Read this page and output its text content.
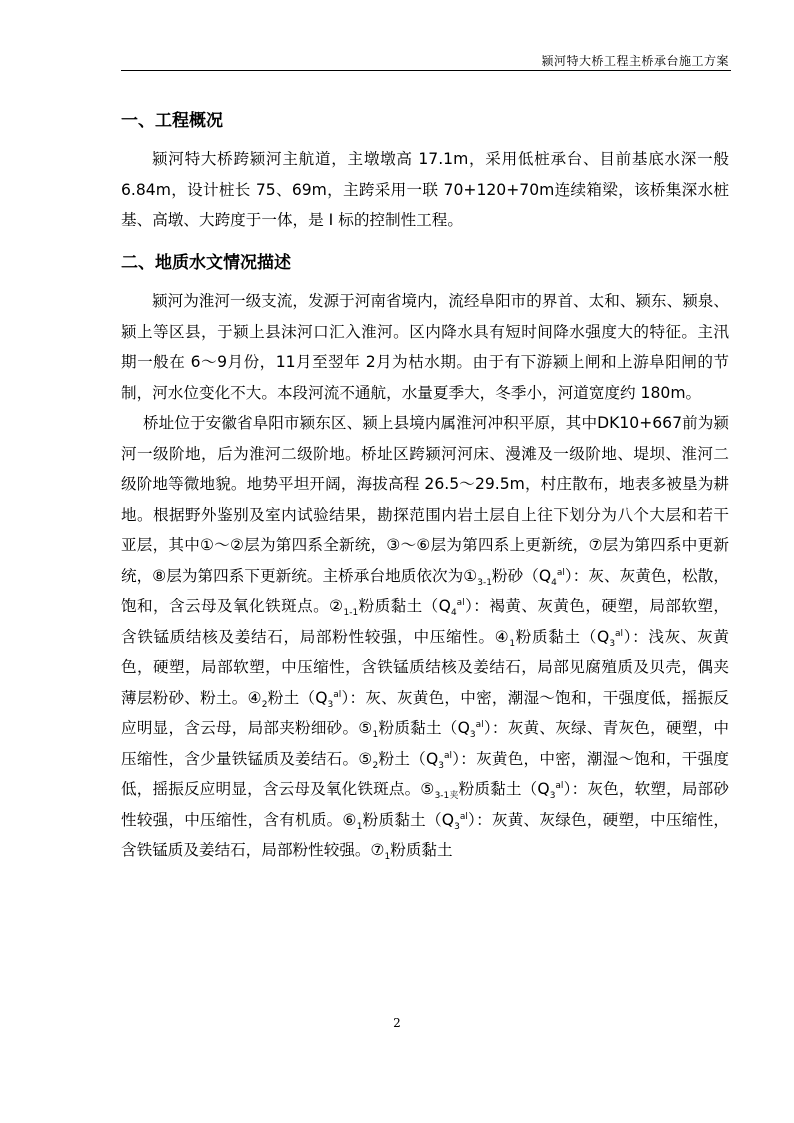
颍河特大桥工程主桥承台施工方案
一、工程概况

颍河特大桥跨颍河主航道，主墩墩高 17.1m，采用低桩承台、目前基底水深一般 6.84m，设计桩长 75、69m，主跨采用一联 70+120+70m连续箱梁，该桥集深水桩基、高墩、大跨度于一体，是 I 标的控制性工程。

二、地质水文情况描述

颍河为淮河一级支流，发源于河南省境内，流经阜阳市的界首、太和、颍东、颍泉、颍上等区县，于颍上县沫河口汇入淮河。区内降水具有短时间降水强度大的特征。主汛期一般在 6～9月份，11月至翌年 2月为枯水期。由于有下游颍上闸和上游阜阳闸的节制，河水位变化不大。本段河流不通航，水量夏季大，冬季小，河道宽度约 180m。

桥址位于安徽省阜阳市颍东区、颍上县境内属淮河冲积平原，其中DK10+667前为颍河一级阶地，后为淮河二级阶地。桥址区跨颍河河床、漫滩及一级阶地、堤坝、淮河二级阶地等微地貌。地势平坦开阔，海拔高程 26.5～29.5m，村庄散布，地表多被垦为耕地。根据野外鉴别及室内试验结果，勘探范围内岩土层自上往下划分为八个大层和若干亚层，其中①～②层为第四系全新统，③～⑥层为第四系上更新统，⑦层为第四系中更新统，⑧层为第四系下更新统。主桥承台地质依次为$①_{3-1}$粉砂$(Q_4^{al})$：灰、灰黄色，松散，饱和，含云母及氧化铁斑点。$②_{1-1}$粉质黏土$(Q_4^{al})$：褐黄、灰黄色，硬塑，局部软塑，含铁锰质结核及姜结石，局部粉性较强，中压缩性。$④_1$粉质黏土$(Q_3^{al})$：浅灰、灰黄色，硬塑，局部软塑，中压缩性，含铁锰质结核及姜结石，局部见腐殖质及贝壳，偶夹薄层粉砂、粉土。$④_2$粉土$(Q_3^{al})$：灰、灰黄色，中密，潮湿～饱和，干强度低，摇振反应明显，含云母，局部夹粉细砂。$⑤_1$粉质黏土$(Q_3^{al})$：灰黄、灰绿、青灰色，硬塑，中压缩性，含少量铁锰质及姜结石。$⑤_2$粉土$(Q_3^{al})$：灰黄色，中密，潮湿～饱和，干强度低，摇振反应明显，含云母及氧化铁斑点。$⑤_{3-1夹}$粉质黏土$(Q_3^{al})$：灰色，软塑，局部砂性较强，中压缩性，含有机质。$⑥_1$粉质黏土$(Q_3^{al})$：灰黄、灰绿色，硬塑，中压缩性，含铁锰质及姜结石，局部粉性较强。$⑦_1$粉质黏土

2
